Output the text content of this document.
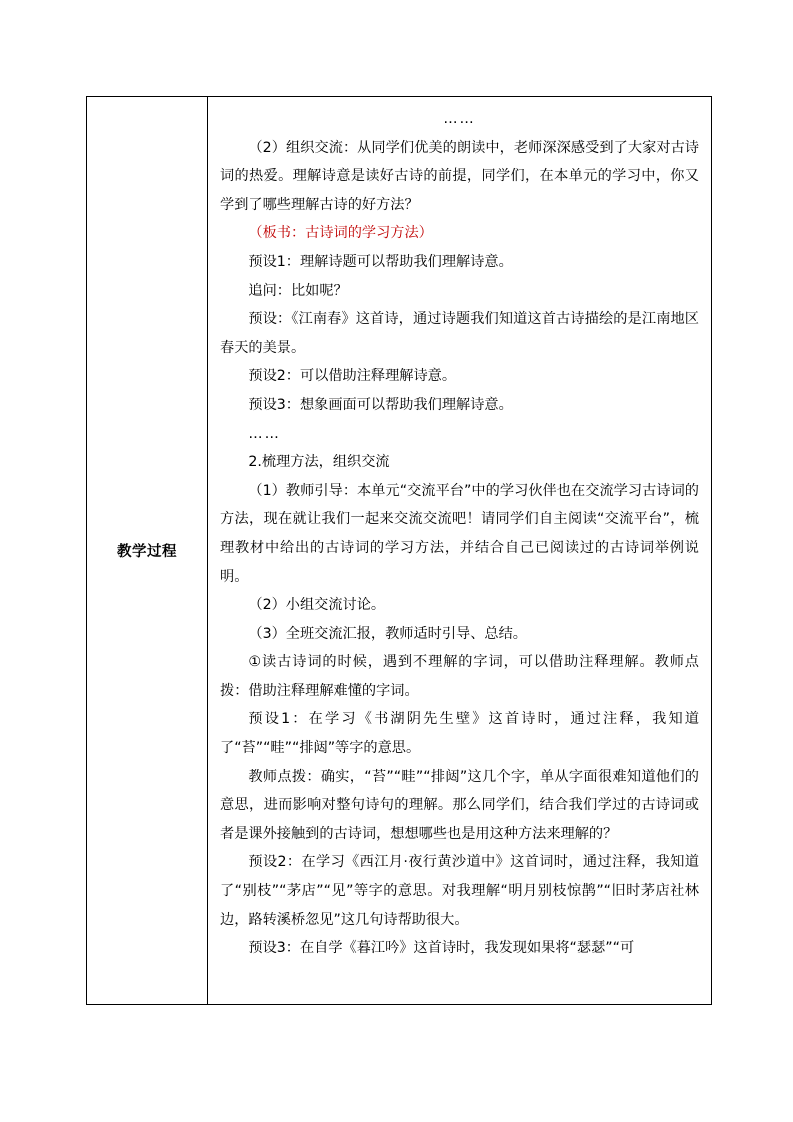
教学过程	
……
（2）组织交流：从同学们优美的朗读中，老师深深感受到了大家对古诗词的热爱。理解诗意是读好古诗的前提，同学们，在本单元的学习中，你又学到了哪些理解古诗的好方法？
（板书：古诗词的学习方法）
预设1：理解诗题可以帮助我们理解诗意。
追问：比如呢？
预设：《江南春》这首诗，通过诗题我们知道这首古诗描绘的是江南地区春天的美景。
预设2：可以借助注释理解诗意。
预设3：想象画面可以帮助我们理解诗意。
……
2.梳理方法，组织交流
（1）教师引导：本单元“交流平台”中的学习伙伴也在交流学习古诗词的方法，现在就让我们一起来交流交流吧！请同学们自主阅读“交流平台”，梳理教材中给出的古诗词的学习方法，并结合自己已阅读过的古诗词举例说明。
（2）小组交流讨论。
（3）全班交流汇报，教师适时引导、总结。
①读古诗词的时候，遇到不理解的字词，可以借助注释理解。教师点拨：借助注释理解难懂的字词。
预设1：在学习《书湖阴先生壁》这首诗时，通过注释，我知道了“苔”“畦”“排闼”等字的意思。
教师点拨：确实，“苔”“畦”“排闼”这几个字，单从字面很难知道他们的意思，进而影响对整句诗句的理解。那么同学们，结合我们学过的古诗词或者是课外接触到的古诗词，想想哪些也是用这种方法来理解的？
预设2：在学习《西江月·夜行黄沙道中》这首词时，通过注释，我知道了“别枝”“茅店”“见”等字的意思。对我理解“明月别枝惊鹊”“旧时茅店社林边，路转溪桥忽见”这几句诗帮助很大。
预设3：在自学《暮江吟》这首诗时，我发现如果将“瑟瑟”“可
